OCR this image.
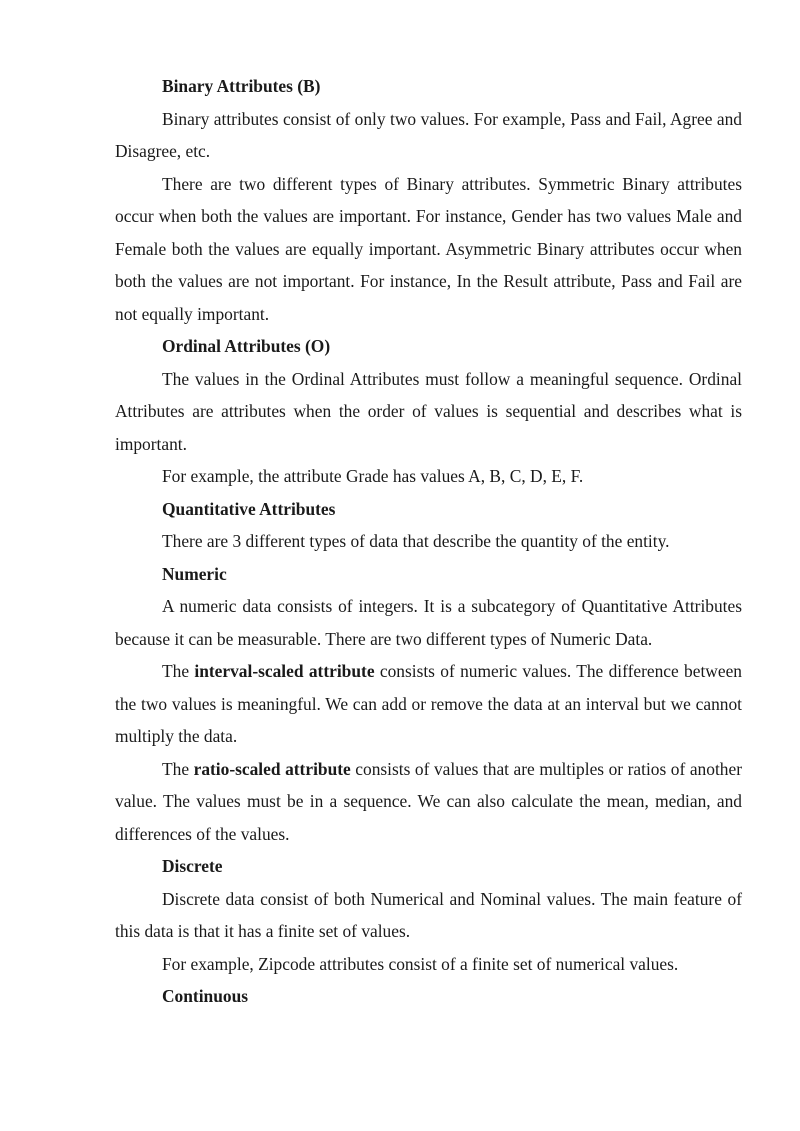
Binary Attributes (B)

Binary attributes consist of only two values. For example, Pass and Fail, Agree and Disagree, etc.

There are two different types of Binary attributes. Symmetric Binary attributes occur when both the values are important. For instance, Gender has two values Male and Female both the values are equally important. Asymmetric Binary attributes occur when both the values are not important. For instance, In the Result attribute, Pass and Fail are not equally important.

Ordinal Attributes (O)

The values in the Ordinal Attributes must follow a meaningful sequence. Ordinal Attributes are attributes when the order of values is sequential and describes what is important.

For example, the attribute Grade has values A, B, C, D, E, F.

Quantitative Attributes

There are 3 different types of data that describe the quantity of the entity.

Numeric

A numeric data consists of integers. It is a subcategory of Quantitative Attributes because it can be measurable. There are two different types of Numeric Data.

The interval-scaled attribute consists of numeric values. The difference between the two values is meaningful. We can add or remove the data at an interval but we cannot multiply the data.

The ratio-scaled attribute consists of values that are multiples or ratios of another value. The values must be in a sequence. We can also calculate the mean, median, and differences of the values.

Discrete

Discrete data consist of both Numerical and Nominal values. The main feature of this data is that it has a finite set of values.

For example, Zipcode attributes consist of a finite set of numerical values.

Continuous
